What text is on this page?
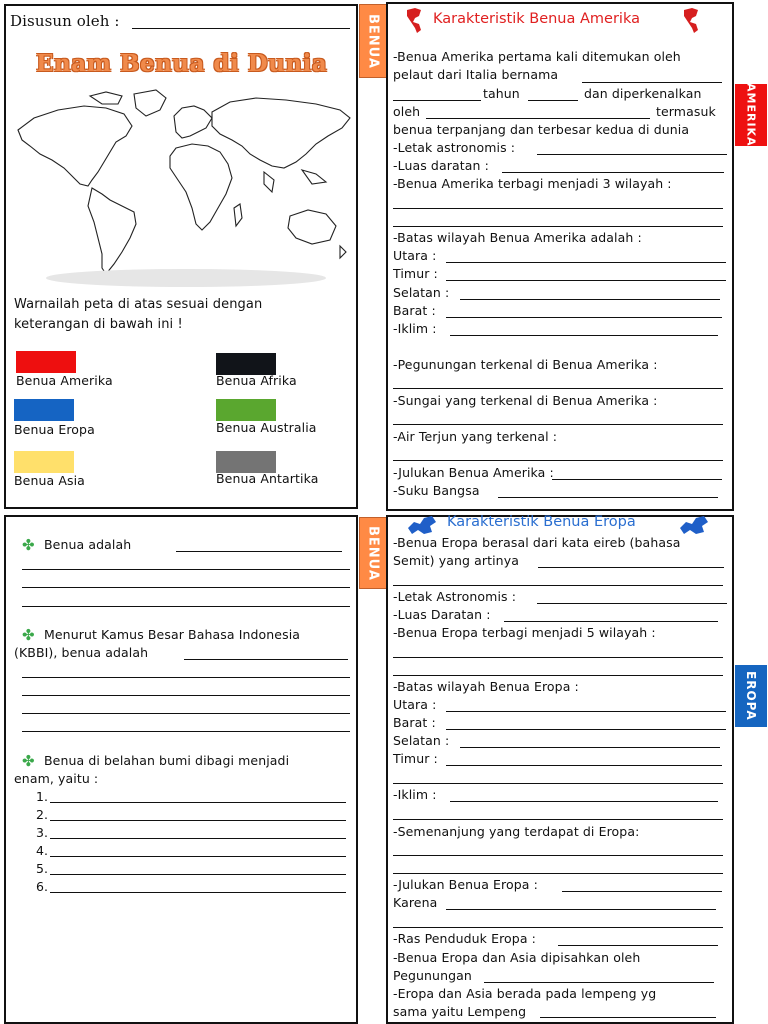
Disusun oleh :
Enam Benua di Dunia
Warnailah peta di atas sesuai dengan
keterangan di bawah ini !
Benua Amerika	Benua Afrika
Benua Eropa	Benua Australia
Benua Asia	Benua Antartika
BENUA	Karakteristik Benua Amerika
-Benua Amerika pertama kali ditemukan oleh
pelaut dari Italia bernama
tahun	dan diperkenalkan
oleh	termasuk
benua terpanjang dan terbesar kedua di dunia
-Letak astronomis :
-Luas daratan :
-Benua Amerika terbagi menjadi 3 wilayah :
-Batas wilayah Benua Amerika adalah :
Utara :
Timur :
Selatan :
Barat :
-Iklim :
-Pegunungan terkenal di Benua Amerika :
-Sungai yang terkenal di Benua Amerika :
-Air Terjun yang terkenal :
-Julukan Benua Amerika :
-Suku Bangsa
AMERIKA
✤ Benua adalah
✤ Menurut Kamus Besar Bahasa Indonesia
(KBBI), benua adalah
✤ Benua di belahan bumi dibagi menjadi
enam, yaitu :
1.
2.
3.
4.
5.
6.
BENUA
Karakteristik Benua Eropa
-Benua Eropa berasal dari kata eireb (bahasa
Semit) yang artinya
-Letak Astronomis :
-Luas Daratan :
-Benua Eropa terbagi menjadi 5 wilayah :
-Batas wilayah Benua Eropa :
Utara :
Barat :
Selatan :
Timur :
-Iklim :
-Semenanjung yang terdapat di Eropa:
-Julukan Benua Eropa :
Karena
-Ras Penduduk Eropa :
-Benua Eropa dan Asia dipisahkan oleh
Pegunungan
-Eropa dan Asia berada pada lempeng yg
sama yaitu Lempeng
EROPA
